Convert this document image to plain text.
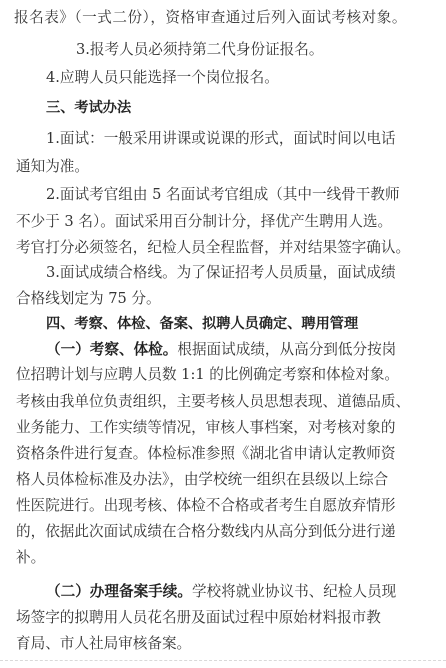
报名表》（一式二份），资格审查通过后列入面试考核对象。
3.报考人员必须持第二代身份证报名。
4.应聘人员只能选择一个岗位报名。
三、考试办法
1.面试：一般采用讲课或说课的形式，面试时间以电话
通知为准。
2.面试考官组由 5 名面试考官组成（其中一线骨干教师
不少于 3 名）。面试采用百分制计分，择优产生聘用人选。
考官打分必须签名，纪检人员全程监督，并对结果签字确认。
3.面试成绩合格线。为了保证招考人员质量，面试成绩
合格线划定为 75 分。
四、考察、体检、备案、拟聘人员确定、聘用管理
（一）考察、体检。根据面试成绩，从高分到低分按岗
位招聘计划与应聘人员数 1:1 的比例确定考察和体检对象。
考核由我单位负责组织，主要考核人员思想表现、道德品质、
业务能力、工作实绩等情况，审核人事档案，对考核对象的
资格条件进行复查。体检标准参照《湖北省申请认定教师资
格人员体检标准及办法》，由学校统一组织在县级以上综合
性医院进行。出现考核、体检不合格或者考生自愿放弃情形
的，依据此次面试成绩在合格分数线内从高分到低分进行递
补。
（二）办理备案手续。学校将就业协议书、纪检人员现
场签字的拟聘用人员花名册及面试过程中原始材料报市教
育局、市人社局审核备案。
